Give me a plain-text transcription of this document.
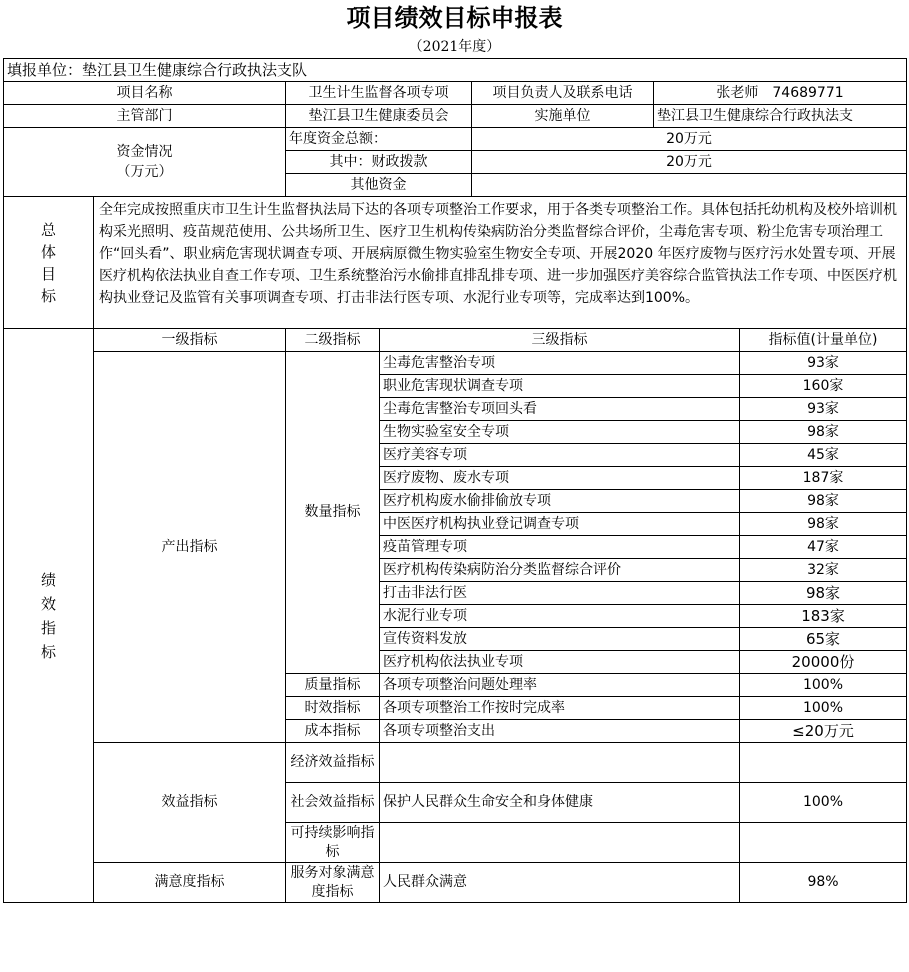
项目绩效目标申报表
（2021年度）
填报单位：垫江县卫生健康综合行政执法支队						
项目名称		卫生计生监督各项专项		项目负责人及联系电话	张老师　74689771	
主管部门		垫江县卫生健康委员会		实施单位	垫江县卫生健康综合行政执法支	

资金情况
（万元）		年度资金总额：		20万元		
		其中：财政拨款		20万元		
		其他资金				

总体目标	全年完成按照重庆市卫生计生监督执法局下达的各项专项整治工作要求，用于各类专项整治工作。具体包括托幼机构及校外培训机构采光照明、疫苗规范使用、公共场所卫生、医疗卫生机构传染病防治分类监督综合评价，尘毒危害专项、粉尘危害专项治理工作“回头看”、职业病危害现状调查专项、开展病原微生物实验室生物安全专项、开展2020 年医疗废物与医疗污水处置专项、开展医疗机构依法执业自查工作专项、卫生系统整治污水偷排直排乱排专项、进一步加强医疗美容综合监管执法工作专项、中医医疗机构执业登记及监管有关事项调查专项、打击非法行医专项、水泥行业专项等，完成率达到100%。					

绩效指标	一级指标	二级指标	三级指标			指标值(计量单位)
	产出指标	数量指标	尘毒危害整治专项			93家
			职业危害现状调查专项			160家
			尘毒危害整治专项回头看			93家
			生物实验室安全专项			98家
			医疗美容专项			45家
			医疗废物、废水专项			187家
			医疗机构废水偷排偷放专项			98家
			中医医疗机构执业登记调查专项			98家
			疫苗管理专项			47家
			医疗机构传染病防治分类监督综合评价			32家
			打击非法行医			98家
			水泥行业专项			183家
			宣传资料发放			65家
			医疗机构依法执业专项			20000份
		质量指标	各项专项整治问题处理率			100%
		时效指标	各项专项整治工作按时完成率			100%
		成本指标	各项专项整治支出			≤20万元

	效益指标	经济效益指标				
		社会效益指标	保护人民群众生命安全和身体健康			100%
		可持续影响指标				
	满意度指标	服务对象满意度指标	人民群众满意			98%
